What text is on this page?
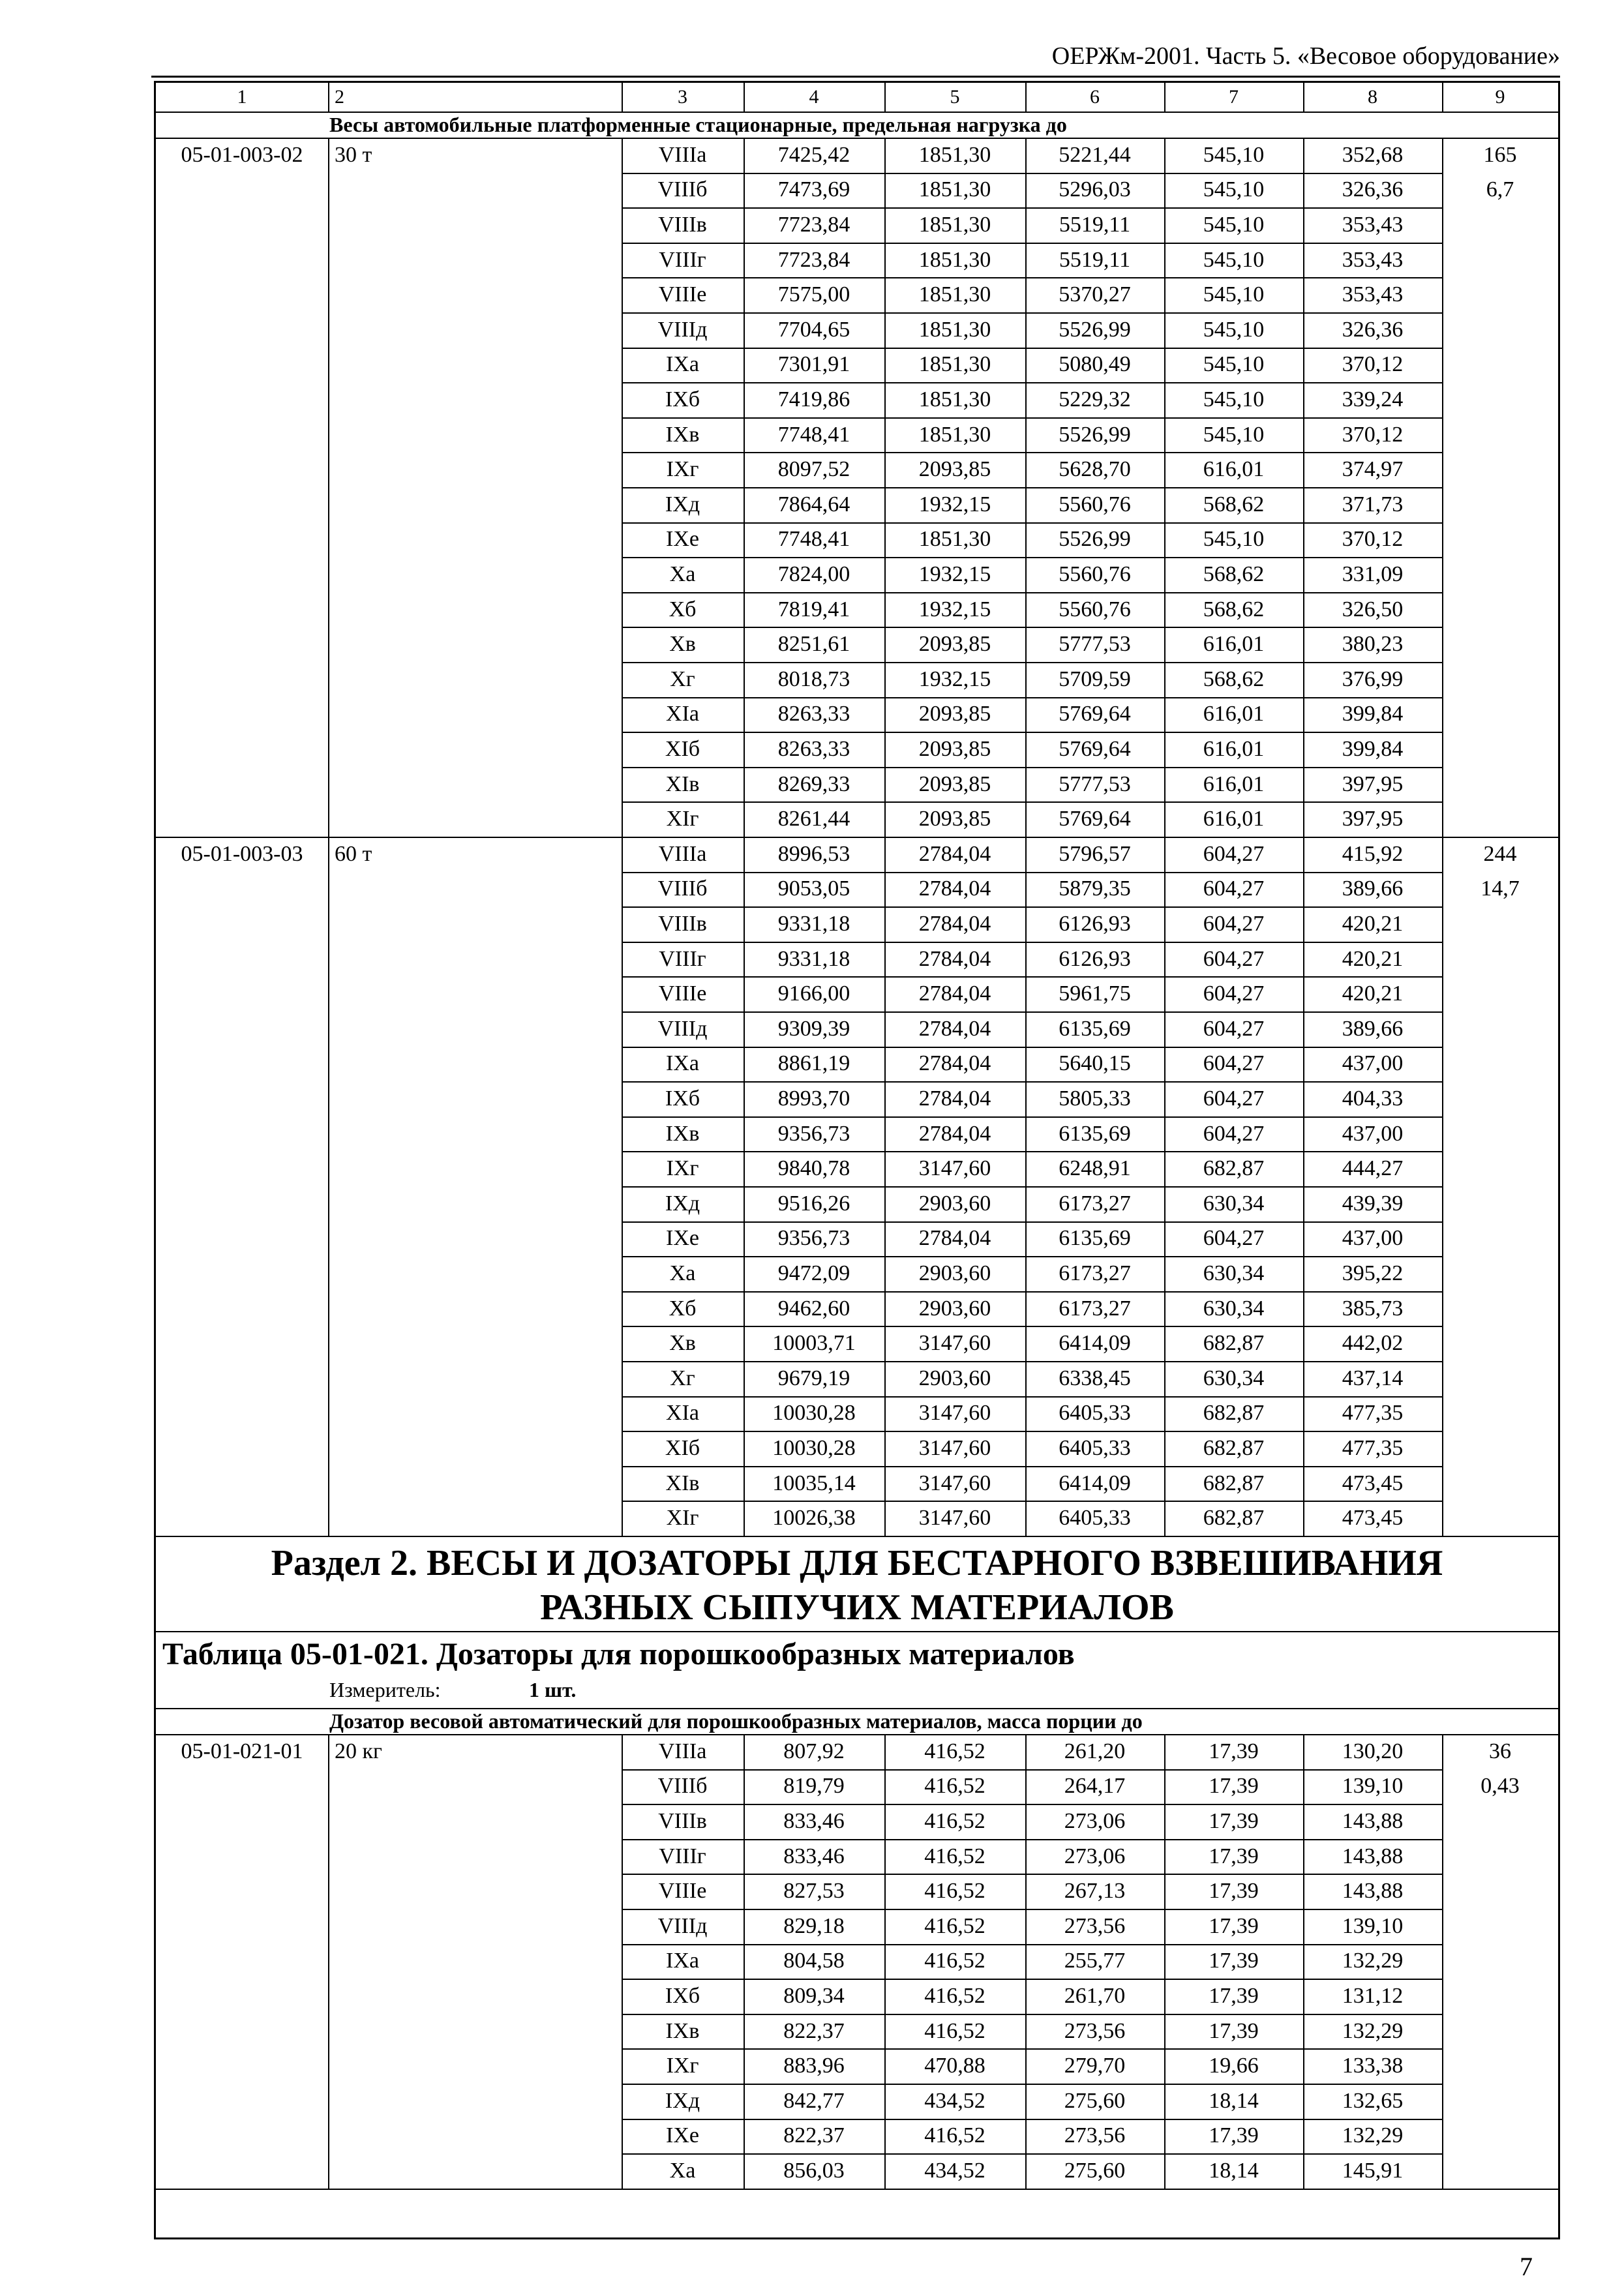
ОЕРЖм-2001. Часть 5. «Весовое оборудование»
1	2	3	4	5	6	7	8	9
Весы автомобильные платформенные стационарные, предельная нагрузка до
05-01-003-02	30 т	VIIIа	7425,42	1851,30	5221,44	545,10	352,68	165
VIIIб	7473,69	1851,30	5296,03	545,10	326,36	6,7
VIIIв	7723,84	1851,30	5519,11	545,10	353,43
VIIIг	7723,84	1851,30	5519,11	545,10	353,43
VIIIе	7575,00	1851,30	5370,27	545,10	353,43
VIIIд	7704,65	1851,30	5526,99	545,10	326,36
IXа	7301,91	1851,30	5080,49	545,10	370,12
IXб	7419,86	1851,30	5229,32	545,10	339,24
IXв	7748,41	1851,30	5526,99	545,10	370,12
IXг	8097,52	2093,85	5628,70	616,01	374,97
IXд	7864,64	1932,15	5560,76	568,62	371,73
IXе	7748,41	1851,30	5526,99	545,10	370,12
Xа	7824,00	1932,15	5560,76	568,62	331,09
Xб	7819,41	1932,15	5560,76	568,62	326,50
Xв	8251,61	2093,85	5777,53	616,01	380,23
Xг	8018,73	1932,15	5709,59	568,62	376,99
XIа	8263,33	2093,85	5769,64	616,01	399,84
XIб	8263,33	2093,85	5769,64	616,01	399,84
XIв	8269,33	2093,85	5777,53	616,01	397,95
XIг	8261,44	2093,85	5769,64	616,01	397,95
05-01-003-03	60 т	VIIIа	8996,53	2784,04	5796,57	604,27	415,92	244
VIIIб	9053,05	2784,04	5879,35	604,27	389,66	14,7
VIIIв	9331,18	2784,04	6126,93	604,27	420,21
VIIIг	9331,18	2784,04	6126,93	604,27	420,21
VIIIе	9166,00	2784,04	5961,75	604,27	420,21
VIIIд	9309,39	2784,04	6135,69	604,27	389,66
IXа	8861,19	2784,04	5640,15	604,27	437,00
IXб	8993,70	2784,04	5805,33	604,27	404,33
IXв	9356,73	2784,04	6135,69	604,27	437,00
IXг	9840,78	3147,60	6248,91	682,87	444,27
IXд	9516,26	2903,60	6173,27	630,34	439,39
IXе	9356,73	2784,04	6135,69	604,27	437,00
Xа	9472,09	2903,60	6173,27	630,34	395,22
Xб	9462,60	2903,60	6173,27	630,34	385,73
Xв	10003,71	3147,60	6414,09	682,87	442,02
Xг	9679,19	2903,60	6338,45	630,34	437,14
XIа	10030,28	3147,60	6405,33	682,87	477,35
XIб	10030,28	3147,60	6405,33	682,87	477,35
XIв	10035,14	3147,60	6414,09	682,87	473,45
XIг	10026,38	3147,60	6405,33	682,87	473,45
Раздел 2. ВЕСЫ И ДОЗАТОРЫ ДЛЯ БЕСТАРНОГО ВЗВЕШИВАНИЯ
РАЗНЫХ СЫПУЧИХ МАТЕРИАЛОВ
Таблица 05-01-021. Дозаторы для порошкообразных материалов
Измеритель:	1 шт.
Дозатор весовой автоматический для порошкообразных материалов, масса порции до
05-01-021-01	20 кг	VIIIа	807,92	416,52	261,20	17,39	130,20	36
VIIIб	819,79	416,52	264,17	17,39	139,10	0,43
VIIIв	833,46	416,52	273,06	17,39	143,88
VIIIг	833,46	416,52	273,06	17,39	143,88
VIIIе	827,53	416,52	267,13	17,39	143,88
VIIIд	829,18	416,52	273,56	17,39	139,10
IXа	804,58	416,52	255,77	17,39	132,29
IXб	809,34	416,52	261,70	17,39	131,12
IXв	822,37	416,52	273,56	17,39	132,29
IXг	883,96	470,88	279,70	19,66	133,38
IXд	842,77	434,52	275,60	18,14	132,65
IXе	822,37	416,52	273,56	17,39	132,29
Xа	856,03	434,52	275,60	18,14	145,91
7
